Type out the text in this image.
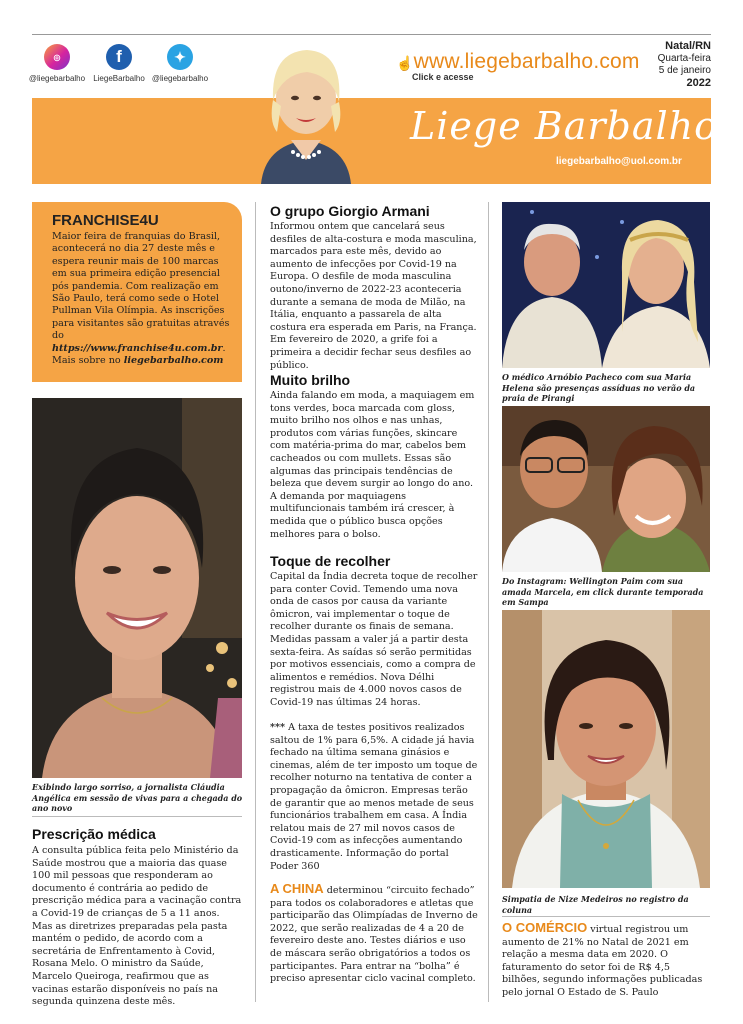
◎
@liegebarbalho
f
LiegeBarbalho
✦
@liegebarbalho
☝www.liegebarbalho.com
Click e acesse
Natal/RN
Quarta-feira
5 de janeiro
2022
Liege Barbalho
liegebarbalho@uol.com.br
FRANCHISE4U

Maior feira de franquias do Brasil, acontecerá no dia 27 deste mês e espera reunir mais de 100 marcas em sua primeira edição presencial pós pandemia. Com realização em São Paulo, terá como sede o Hotel Pullman Vila Olímpia. As inscrições para visitantes são gratuitas através do https://www.franchise4u.com.br. Mais sobre no liegebarbalho.com

Exibindo largo sorriso, a jornalista Cláudia Angélica em sessão de vivas para a chegada do ano novo
Prescrição médica
A consulta pública feita pelo Ministério da Saúde mostrou que a maioria das quase 100 mil pessoas que responderam ao documento é contrária ao pedido de prescrição médica para a vacinação contra a Covid-19 de crianças de 5 a 11 anos. Mas as diretrizes preparadas pela pasta mantém o pedido, de acordo com a secretária de Enfrentamento à Covid, Rosana Melo. O ministro da Saúde, Marcelo Queiroga, reafirmou que as vacinas estarão disponíveis no país na segunda quinzena deste mês.
O grupo Giorgio Armani
Informou ontem que cancelará seus desfiles de alta-costura e moda masculina, marcados para este mês, devido ao aumento de infecções por Covid-19 na Europa. O desfile de moda masculina outono/inverno de 2022-23 aconteceria durante a semana de moda de Milão, na Itália, enquanto a passarela de alta costura era esperada em Paris, na França. Em fevereiro de 2020, a grife foi a primeira a decidir fechar seus desfiles ao público.
Muito brilho
Ainda falando em moda, a maquiagem em tons verdes, boca marcada com gloss, muito brilho nos olhos e nas unhas, produtos com várias funções, skincare com matéria-prima do mar, cabelos bem cacheados ou com mullets. Essas são algumas das principais tendências de beleza que devem surgir ao longo do ano. A demanda por maquiagens multifuncionais também irá crescer, à medida que o público busca opções melhores para o bolso.
Toque de recolher
Capital da Índia decreta toque de recolher para conter Covid. Temendo uma nova onda de casos por causa da variante ômicron, vai implementar o toque de recolher durante os finais de semana. Medidas passam a valer já a partir desta sexta-feira. As saídas só serão permitidas por motivos essenciais, como a compra de alimentos e remédios. Nova Délhi registrou mais de 4.000 novos casos de Covid-19 nas últimas 24 horas.
*** A taxa de testes positivos realizados saltou de 1% para 6,5%. A cidade já havia fechado na última semana ginásios e cinemas, além de ter imposto um toque de recolher noturno na tentativa de conter a propagação da ômicron. Empresas terão de garantir que ao menos metade de seus funcionários trabalhem em casa. A Índia relatou mais de 27 mil novos casos de Covid-19 com as infecções aumentando drasticamente. Informação do portal Poder 360
A CHINA determinou “circuito fechado” para todos os colaboradores e atletas que participarão das Olimpíadas de Inverno de 2022, que serão realizadas de 4 a 20 de fevereiro deste ano. Testes diários e uso de máscara serão obrigatórios a todos os participantes. Para entrar na “bolha” é preciso apresentar ciclo vacinal completo.
O médico Arnóbio Pacheco com sua Maria Helena são presenças assíduas no verão da praia de Pirangi
Do Instagram: Wellington Paim com sua amada Marcela, em click durante temporada em Sampa
Simpatia de Nize Medeiros no registro da coluna
O COMÉRCIO virtual registrou um aumento de 21% no Natal de 2021 em relação a mesma data em 2020. O faturamento do setor foi de R$ 4,5 bilhões, segundo informações publicadas pelo jornal O Estado de S. Paulo
